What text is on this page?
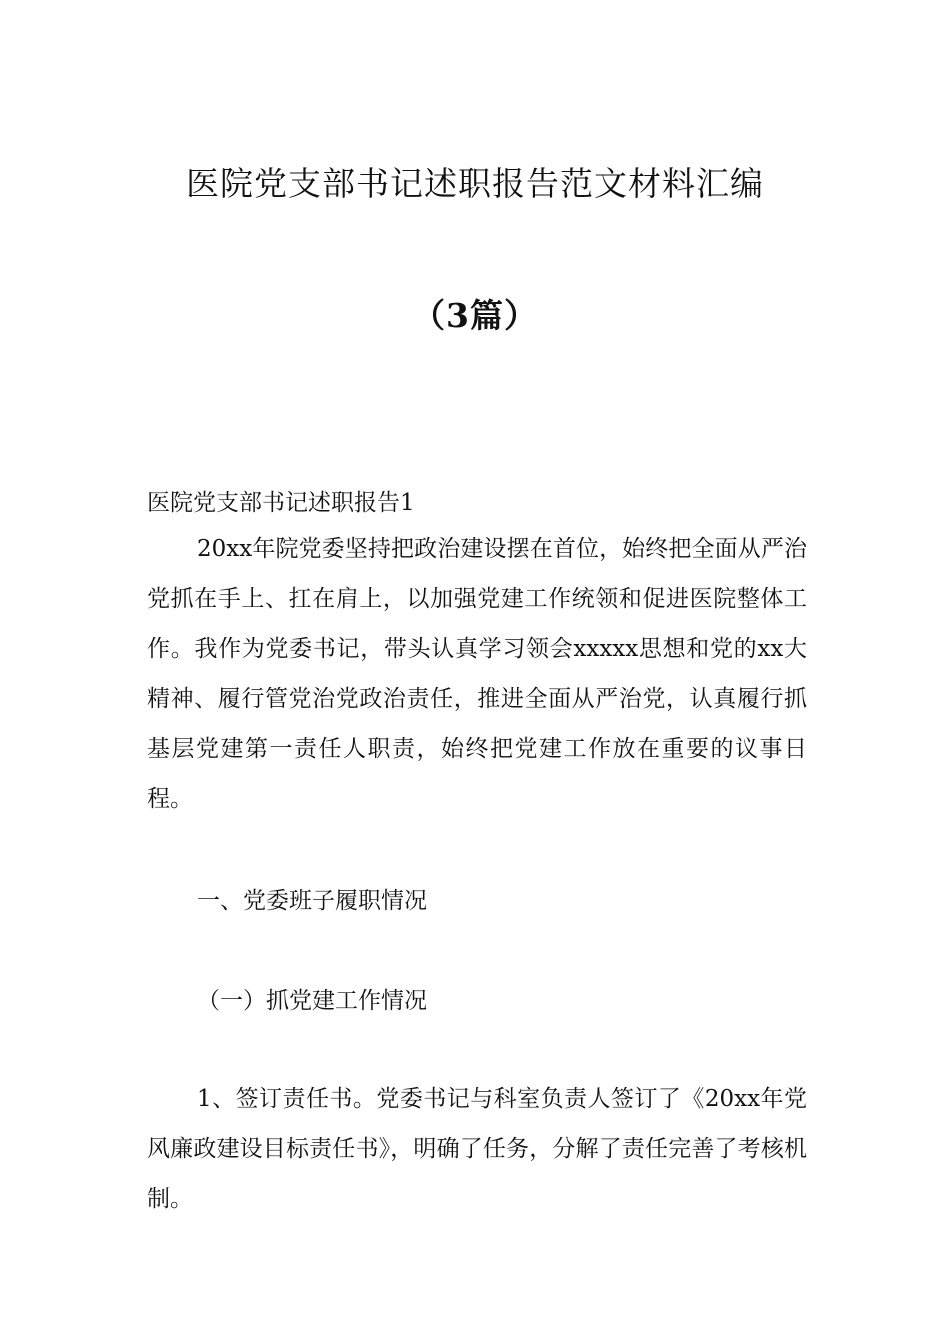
医院党支部书记述职报告范文材料汇编
（3篇）

医院党支部书记述职报告1

20xx年院党委坚持把政治建设摆在首位，始终把全面从严治党抓在手上、扛在肩上，以加强党建工作统领和促进医院整体工作。我作为党委书记，带头认真学习领会xxxxx思想和党的xx大精神、履行管党治党政治责任，推进全面从严治党，认真履行抓基层党建第一责任人职责，始终把党建工作放在重要的议事日程。

一、党委班子履职情况

（一）抓党建工作情况

1、签订责任书。党委书记与科室负责人签订了《20xx年党风廉政建设目标责任书》，明确了任务，分解了责任完善了考核机制。
